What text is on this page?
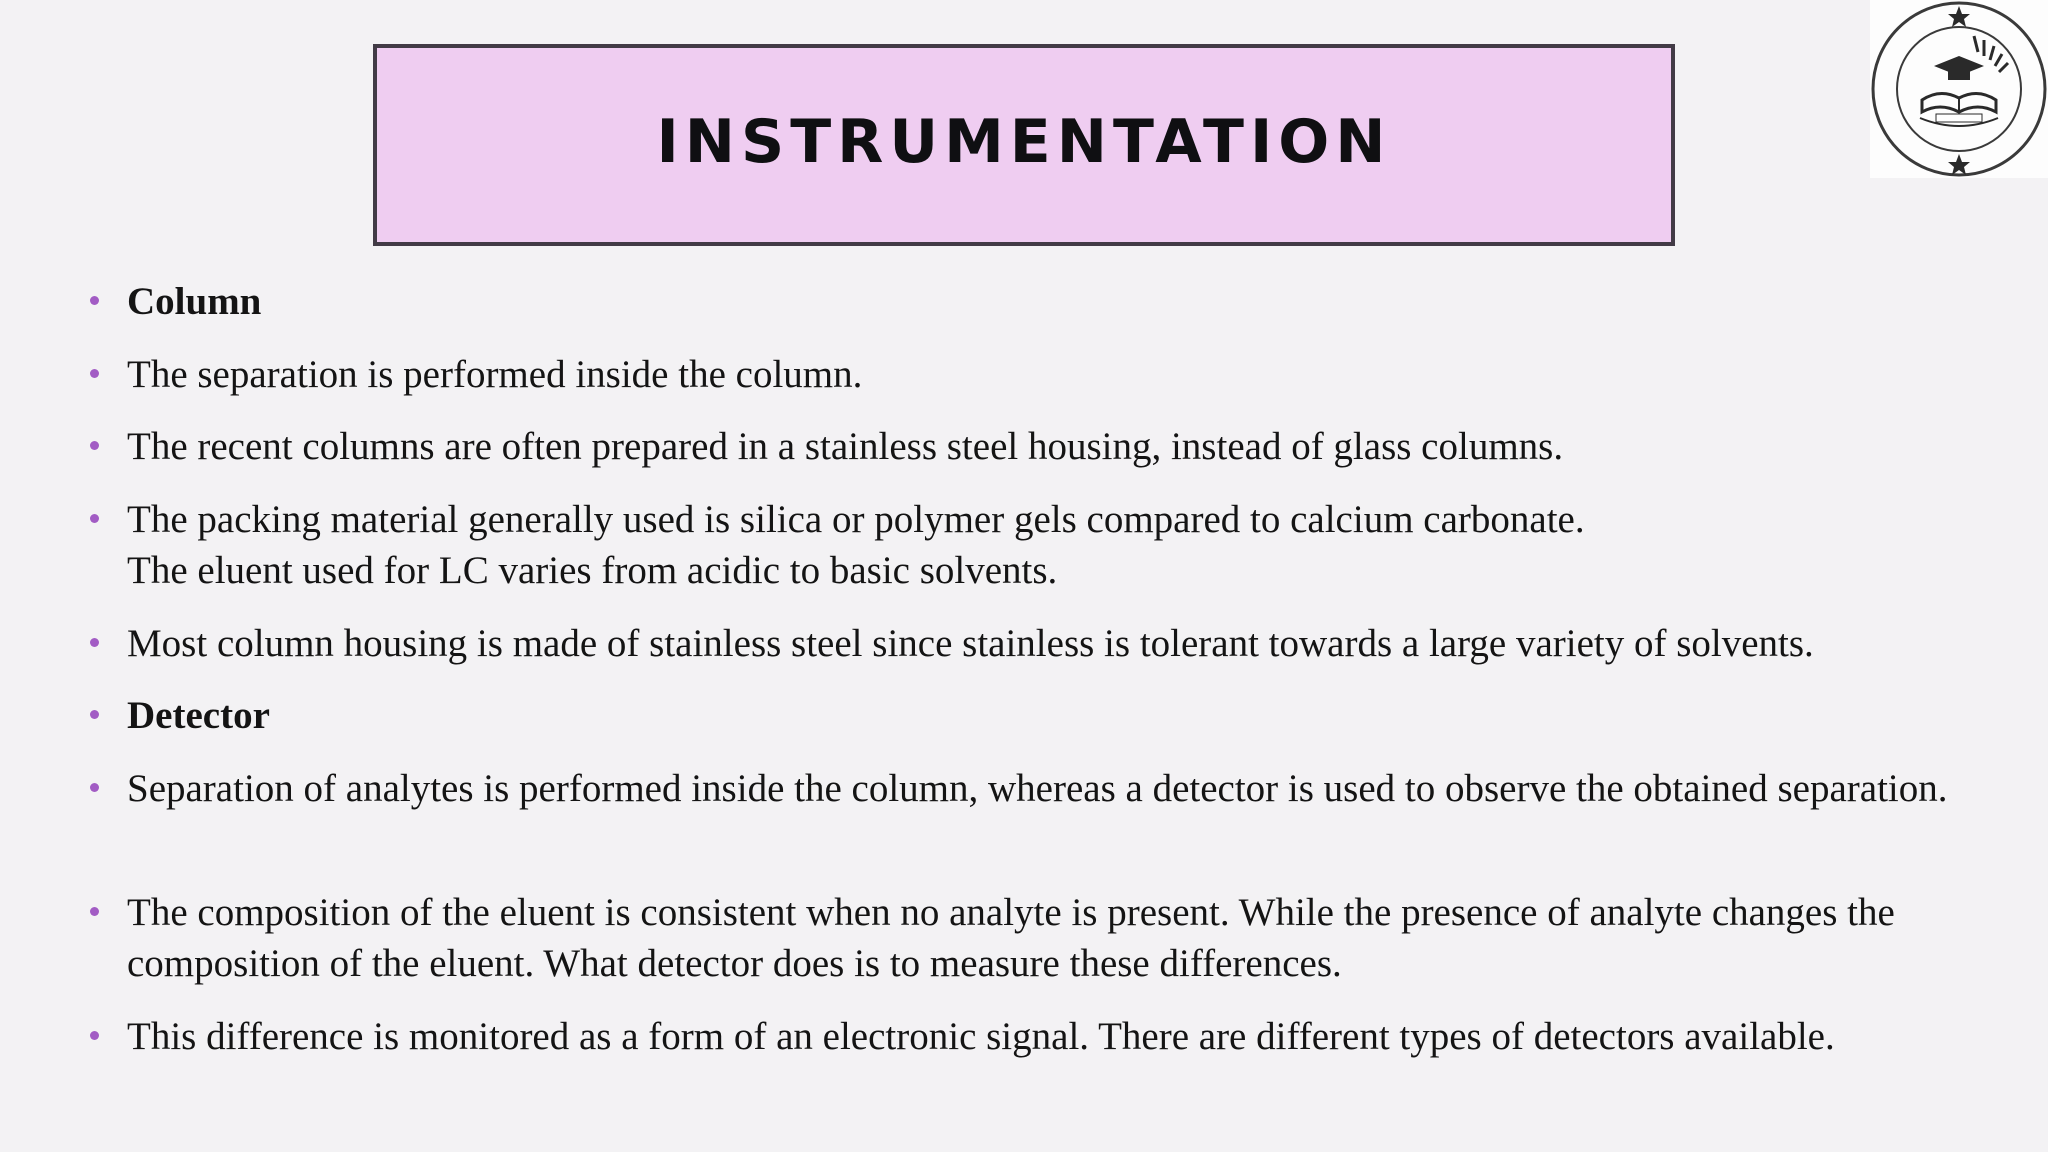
INSTRUMENTATION
Column
The separation is performed inside the column.
The recent columns are often prepared in a stainless steel housing, instead of glass columns.
The packing material generally used is silica or polymer gels compared to calcium carbonate.
The eluent used for LC varies from acidic to basic solvents.
Most column housing is made of stainless steel since stainless is tolerant towards a large variety of solvents.
Detector
Separation of analytes is performed inside the column, whereas a detector is used to observe the obtained separation.
The composition of the eluent is consistent when no analyte is present. While the presence of analyte changes the composition of the eluent. What detector does is to measure these differences.
This difference is monitored as a form of an electronic signal. There are different types of detectors available.
